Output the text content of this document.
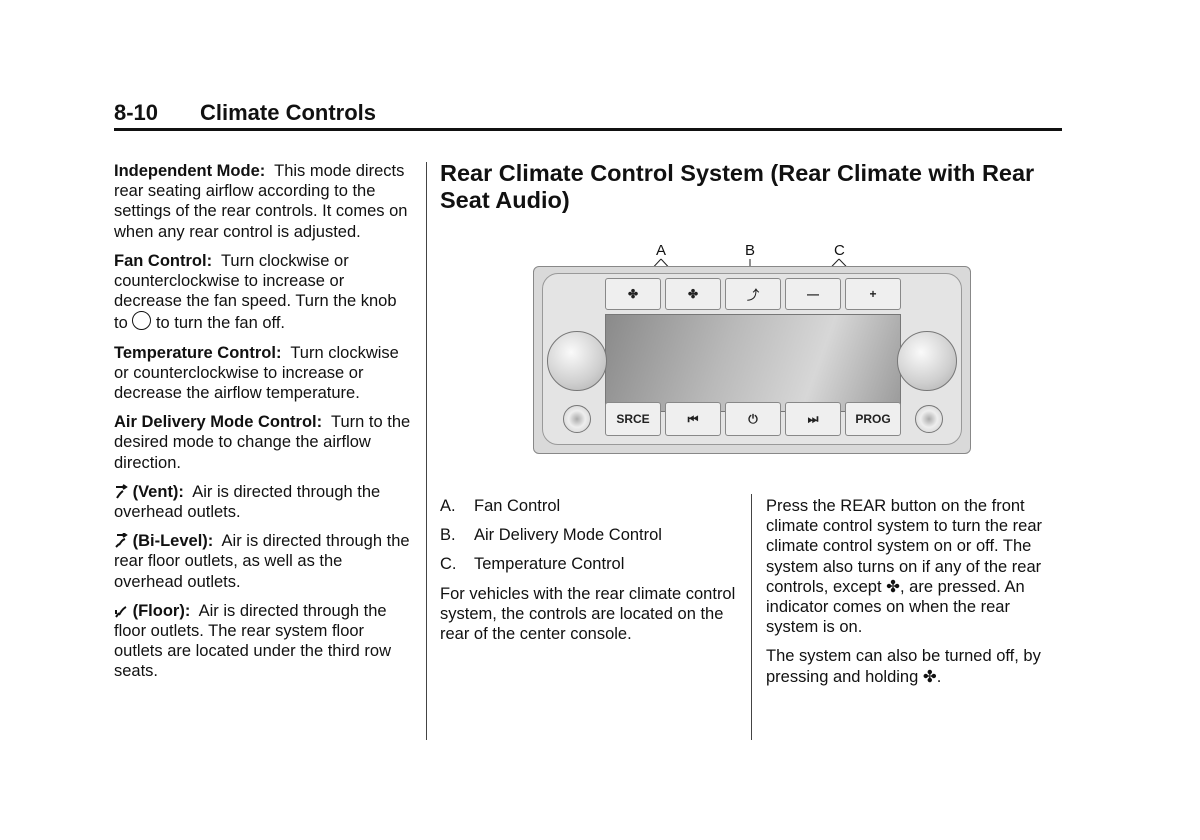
8-10 Climate Controls

Independent Mode: This mode directs rear seating airflow according to the settings of the rear controls. It comes on when any rear control is adjusted.

Fan Control: Turn clockwise or counterclockwise to increase or decrease the fan speed. Turn the knob to to turn the fan off.

Temperature Control: Turn clockwise or counterclockwise to increase or decrease the airflow temperature.

Air Delivery Mode Control: Turn to the desired mode to change the airflow direction.

(Vent): Air is directed through the overhead outlets.

(Bi-Level): Air is directed through the rear floor outlets, as well as the overhead outlets.

(Floor): Air is directed through the floor outlets. The rear system floor outlets are located under the third row seats.

Rear Climate Control System (Rear Climate with Rear Seat Audio)
A	B	C
✤	✤	⤴	—	+
SRCE	⏮	⏻	⏭	PROG
A.	Fan Control
B.	Air Delivery Mode Control
C.	Temperature Control

For vehicles with the rear climate control system, the controls are located on the rear of the center console.

Press the REAR button on the front climate control system to turn the rear climate control system on or off. The system also turns on if any of the rear controls, except ✤, are pressed. An indicator comes on when the rear system is on.

The system can also be turned off, by pressing and holding ✤.
